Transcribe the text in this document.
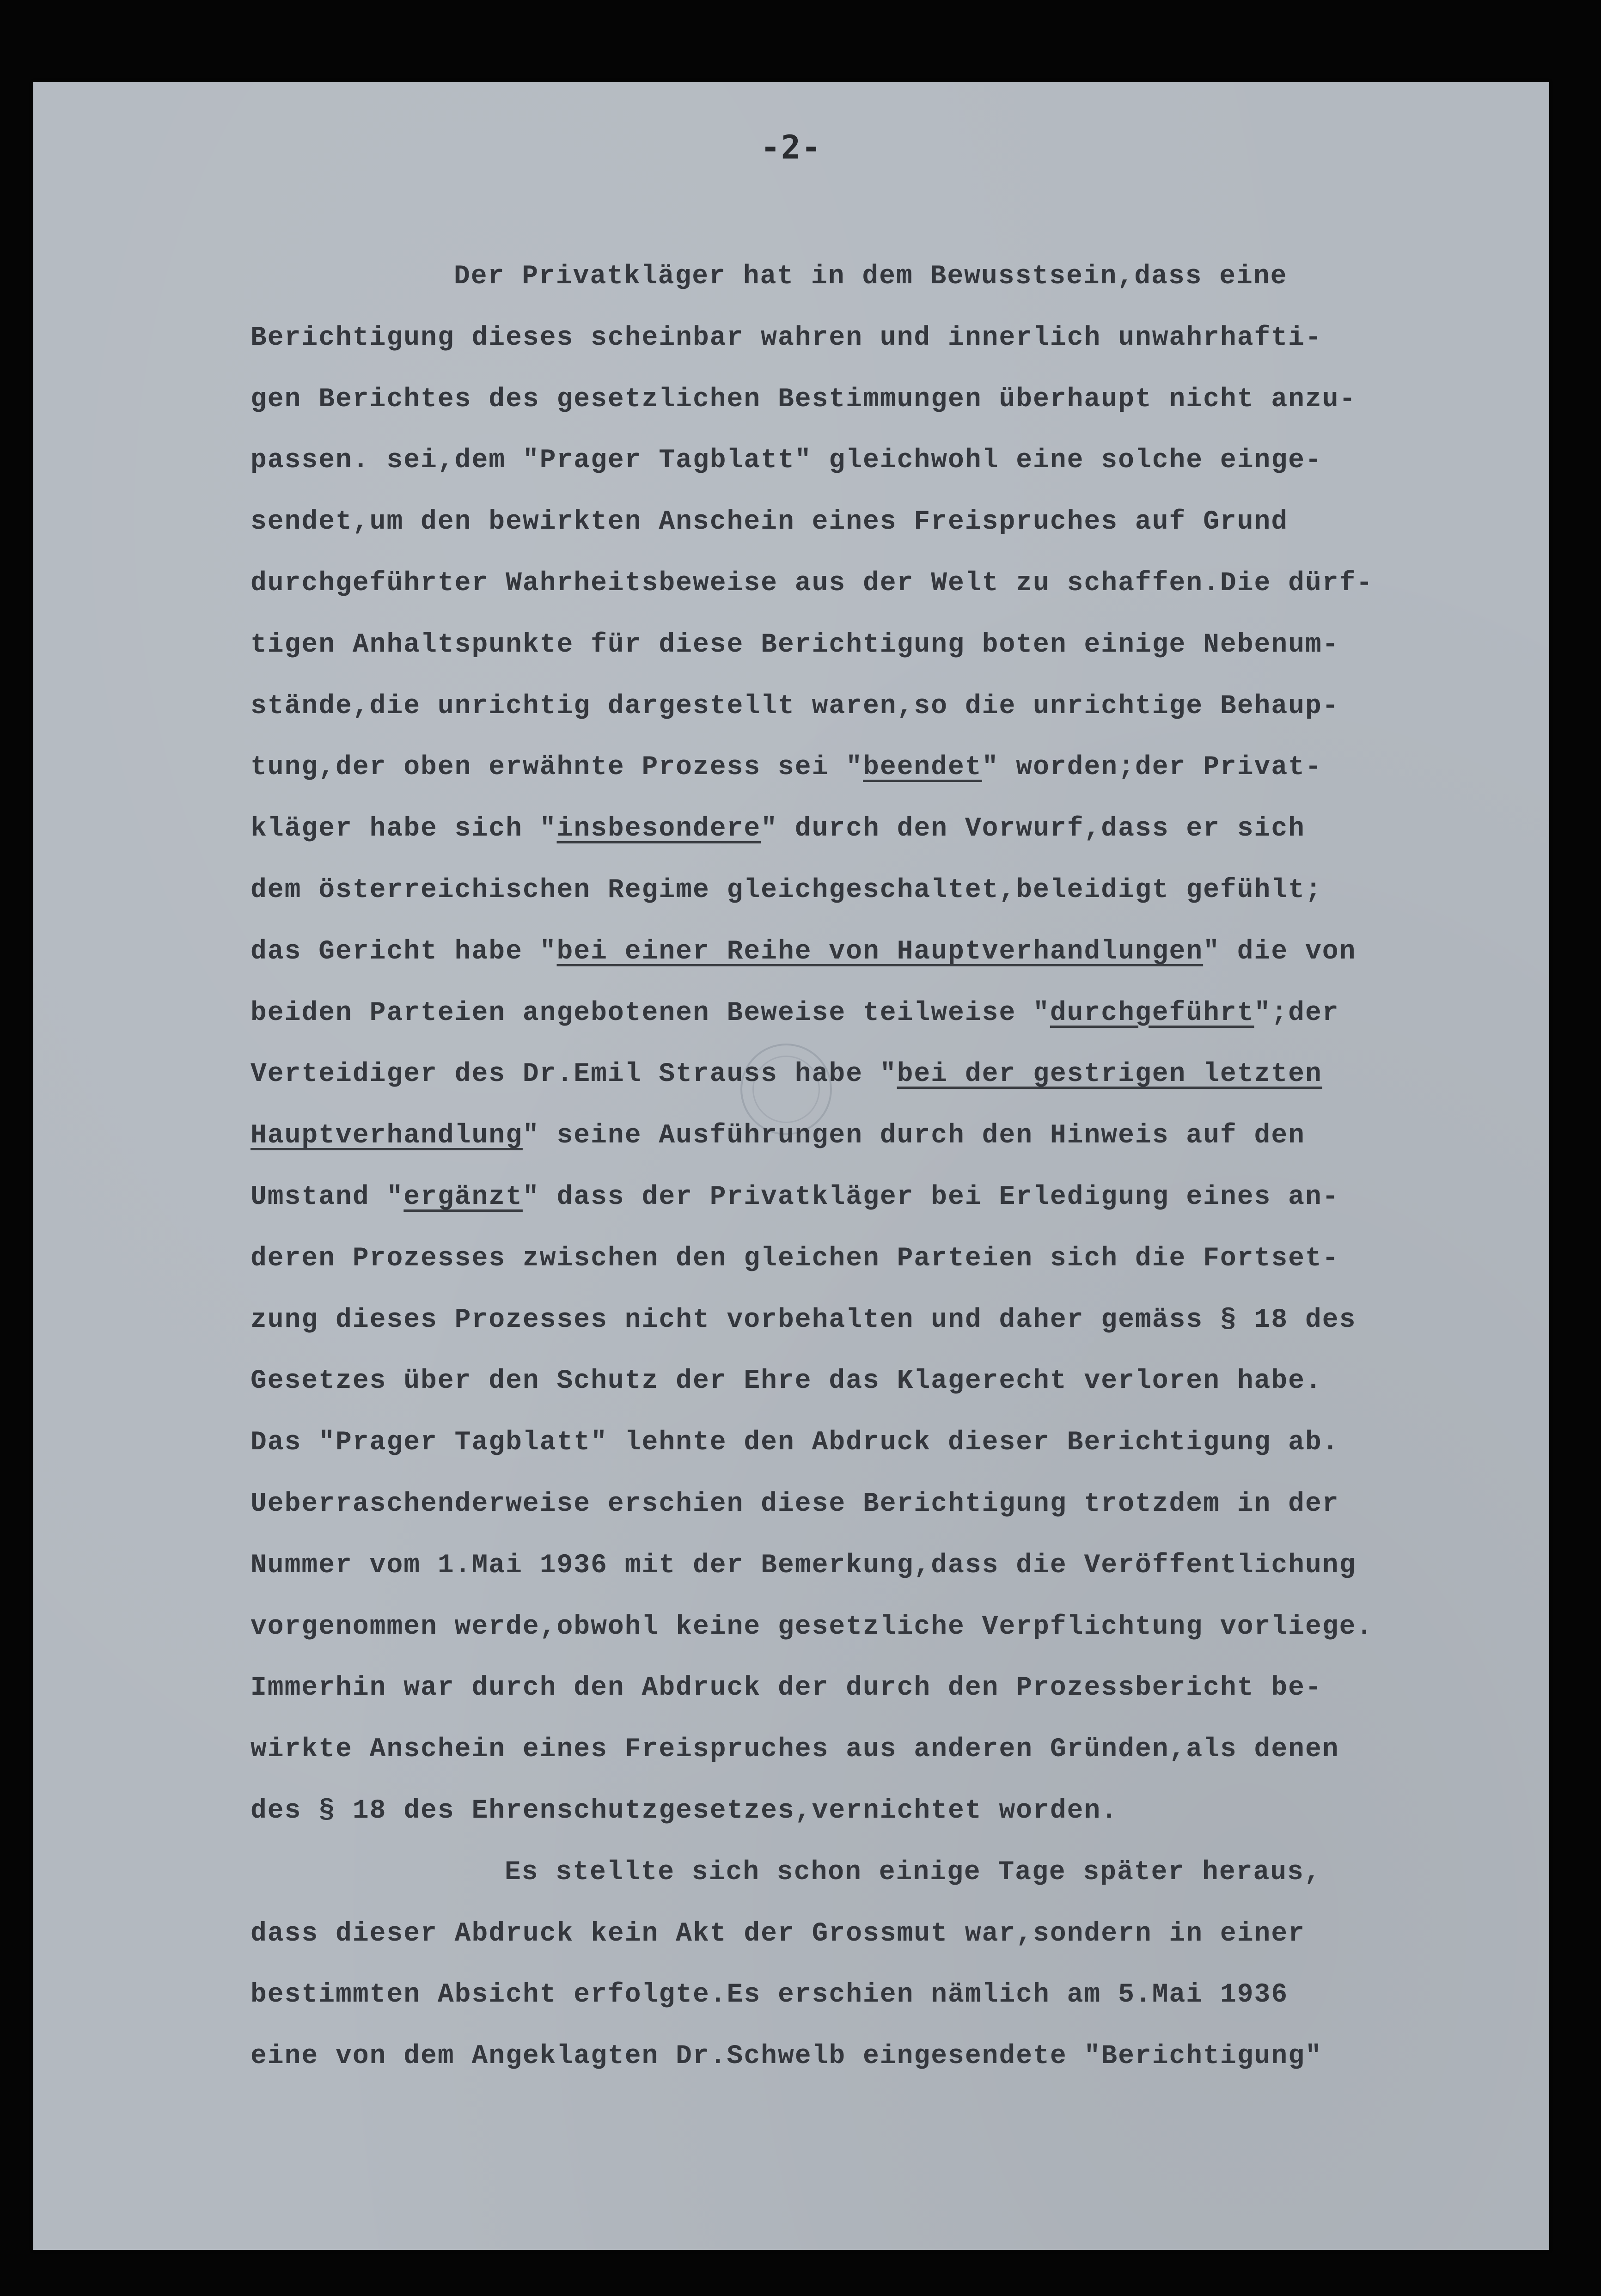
-2-
Der Privatkläger hat in dem Bewusstsein,dass eine
Berichtigung dieses scheinbar wahren und innerlich unwahrhafti-
gen Berichtes des gesetzlichen Bestimmungen überhaupt nicht anzu-
passen. sei,dem "Prager Tagblatt" gleichwohl eine solche einge-
sendet,um den bewirkten Anschein eines Freispruches auf Grund
durchgeführter Wahrheitsbeweise aus der Welt zu schaffen.Die dürf-
tigen Anhaltspunkte für diese Berichtigung boten einige Nebenum-
stände,die unrichtig dargestellt waren,so die unrichtige Behaup-
tung,der oben erwähnte Prozess sei "beendet" worden;der Privat-
kläger habe sich "insbesondere" durch den Vorwurf,dass er sich
dem österreichischen Regime gleichgeschaltet,beleidigt gefühlt;
das Gericht habe "bei einer Reihe von Hauptverhandlungen" die von
beiden Parteien angebotenen Beweise teilweise "durchgeführt";der
Verteidiger des Dr.Emil Strauss habe "bei der gestrigen letzten
Hauptverhandlung" seine Ausführungen durch den Hinweis auf den
Umstand "ergänzt" dass der Privatkläger bei Erledigung eines an-
deren Prozesses zwischen den gleichen Parteien sich die Fortset-
zung dieses Prozesses nicht vorbehalten und daher gemäss § 18 des
Gesetzes über den Schutz der Ehre das Klagerecht verloren habe.
Das "Prager Tagblatt" lehnte den Abdruck dieser Berichtigung ab.
Ueberraschenderweise erschien diese Berichtigung trotzdem in der
Nummer vom 1.Mai 1936 mit der Bemerkung,dass die Veröffentlichung
vorgenommen werde,obwohl keine gesetzliche Verpflichtung vorliege.
Immerhin war durch den Abdruck der durch den Prozessbericht be-
wirkte Anschein eines Freispruches aus anderen Gründen,als denen
des § 18 des Ehrenschutzgesetzes,vernichtet worden.
Es stellte sich schon einige Tage später heraus,
dass dieser Abdruck kein Akt der Grossmut war,sondern in einer
bestimmten Absicht erfolgte.Es erschien nämlich am 5.Mai 1936
eine von dem Angeklagten Dr.Schwelb eingesendete "Berichtigung"
